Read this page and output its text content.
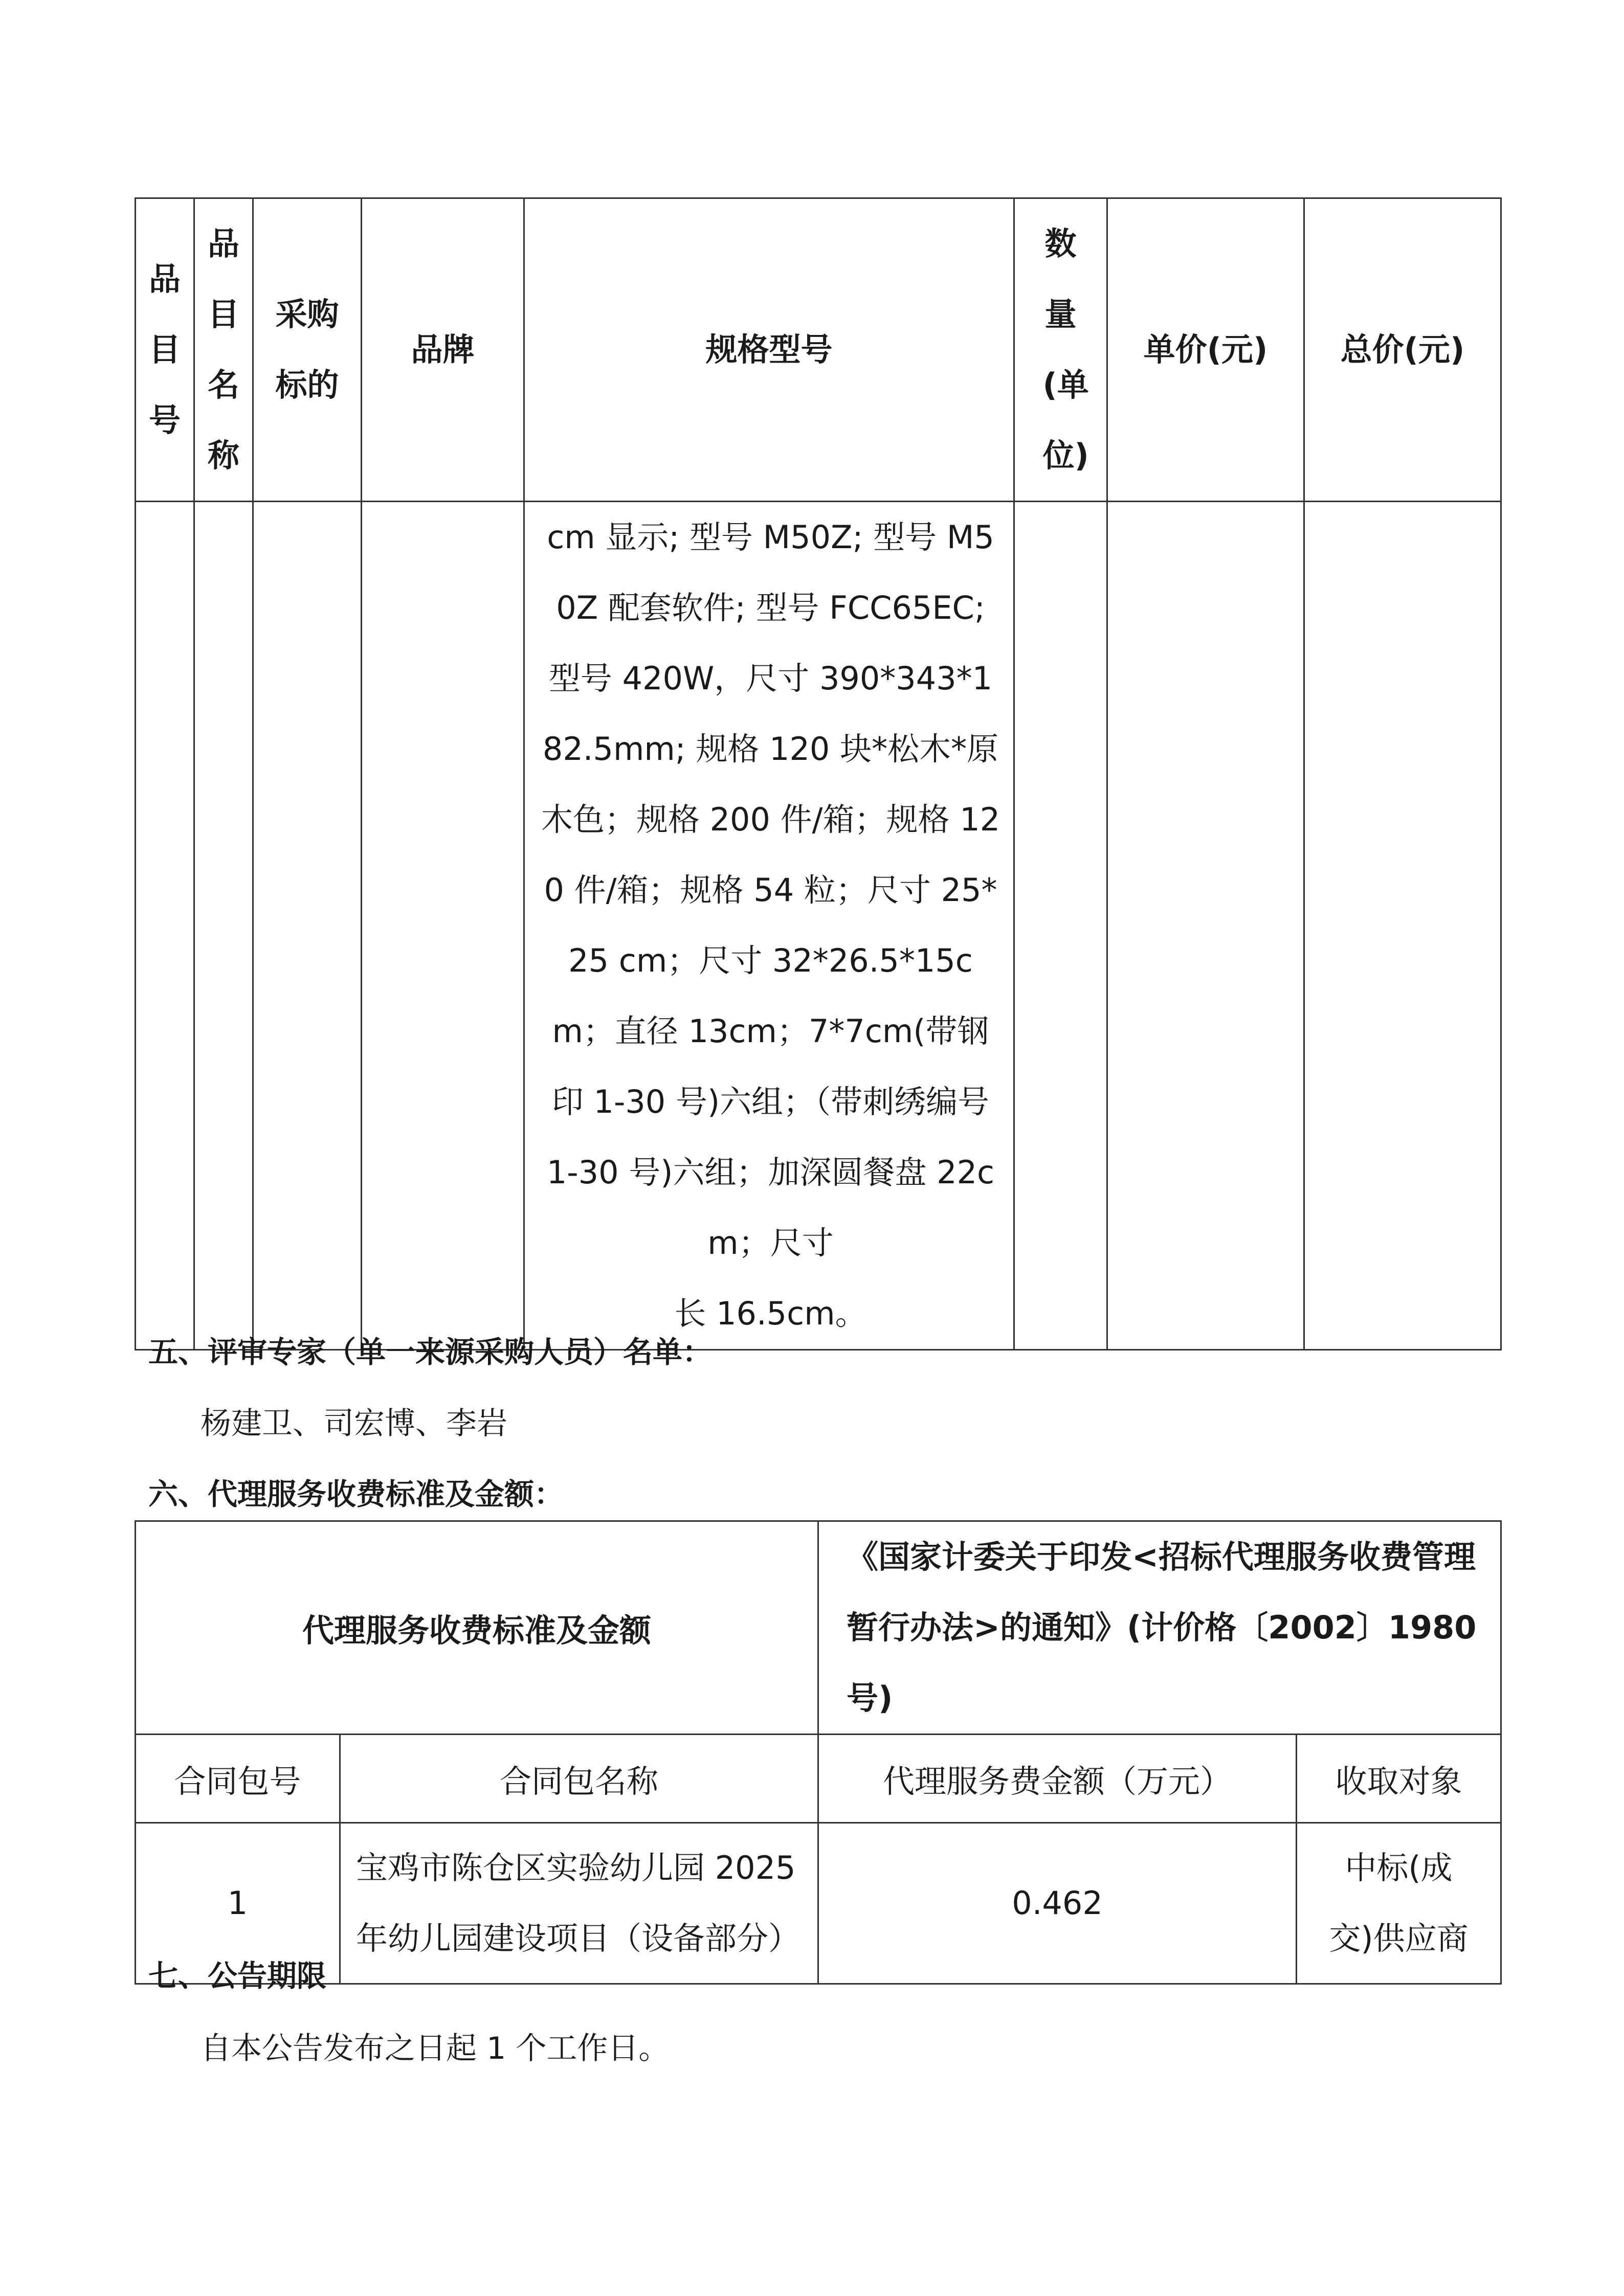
品目号	品目名称	采购标的	品牌	规格型号	数量(单位)	单价(元)	总价(元)
				cm 显示; 型号 M50Z; 型号 M50Z 配套软件; 型号 FCC65EC; 型号 420W，尺寸 390*343*182.5mm; 规格 120 块*松木*原木色；规格 200 件/箱；规格 120 件/箱；规格 54 粒；尺寸 25*25 cm；尺寸 32*26.5*15cm；直径 13cm；7*7cm(带钢印 1-30 号)六组；（带刺绣编号 1-30 号)六组；加深圆餐盘 22cm；尺寸
长 16.5cm。			

五、评审专家（单一来源采购人员）名单：
杨建卫、司宏博、李岩
六、代理服务收费标准及金额：
代理服务收费标准及金额		《国家计委关于印发<招标代理服务收费管理暂行办法>的通知》(计价格〔2002〕1980 号)	
合同包号	合同包名称	代理服务费金额（万元）	收取对象
1	宝鸡市陈仓区实验幼儿园 2025 年幼儿园建设项目（设备部分）	0.462	中标(成交)供应商
七、公告期限
自本公告发布之日起 1 个工作日。
